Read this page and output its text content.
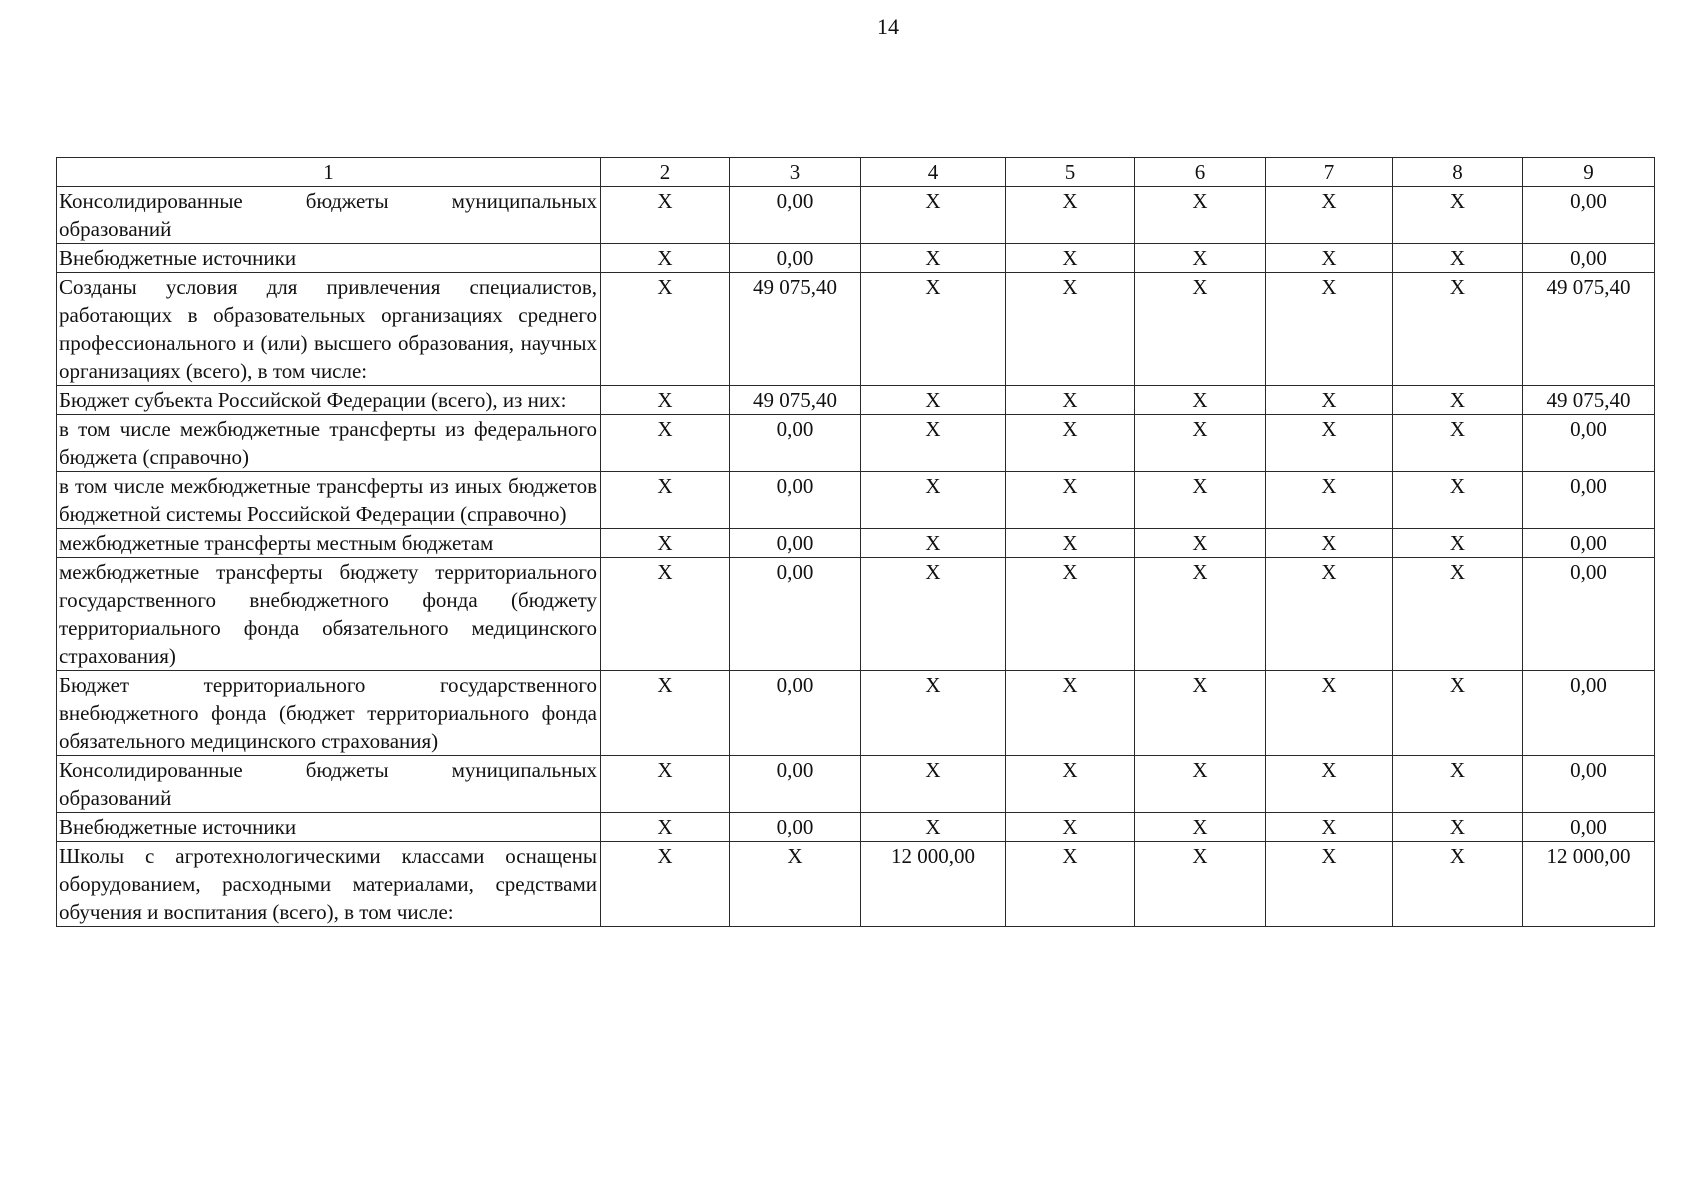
14
1	2	3	4	5	6	7	8	9
Консолидированные бюджеты муниципальных образований	X	0,00	X	X	X	X	X	0,00
Внебюджетные источники	X	0,00	X	X	X	X	X	0,00
Созданы условия для привлечения специалистов, работающих в образовательных организациях среднего профессионального и (или) высшего образования, научных организациях (всего), в том числе:	X	49 075,40	X	X	X	X	X	49 075,40
Бюджет субъекта Российской Федерации (всего), из них:	X	49 075,40	X	X	X	X	X	49 075,40
в том числе межбюджетные трансферты из федерального бюджета (справочно)	X	0,00	X	X	X	X	X	0,00
в том числе межбюджетные трансферты из иных бюджетов бюджетной системы Российской Федерации (справочно)	X	0,00	X	X	X	X	X	0,00
межбюджетные трансферты местным бюджетам	X	0,00	X	X	X	X	X	0,00
межбюджетные трансферты бюджету территориального государственного внебюджетного фонда (бюджету территориального фонда обязательного медицинского страхования)	X	0,00	X	X	X	X	X	0,00
Бюджет территориального государственного внебюджетного фонда (бюджет территориального фонда обязательного медицинского страхования)	X	0,00	X	X	X	X	X	0,00
Консолидированные бюджеты муниципальных образований	X	0,00	X	X	X	X	X	0,00
Внебюджетные источники	X	0,00	X	X	X	X	X	0,00
Школы с агротехнологическими классами оснащены оборудованием, расходными материалами, средствами обучения и воспитания (всего), в том числе:	X	X	12 000,00	X	X	X	X	12 000,00
